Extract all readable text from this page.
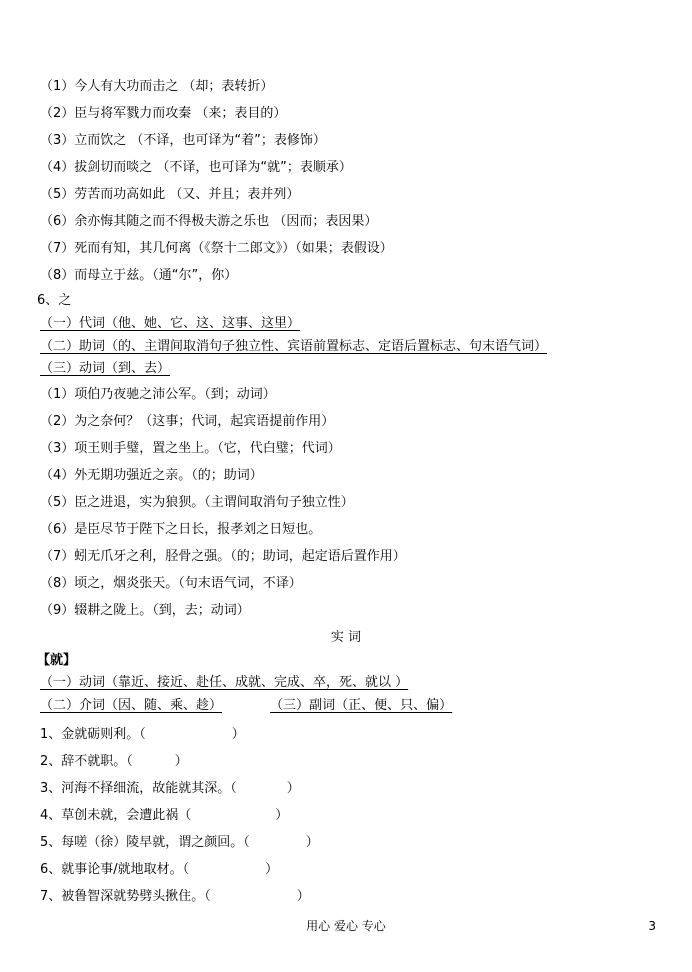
（1）今人有大功而击之 （却；表转折）
（2）臣与将军戮力而攻秦 （来；表目的）
（3）立而饮之 （不译，也可译为“着”；表修饰）
（4）拔剑切而啖之 （不译，也可译为“就”；表顺承）
（5）劳苦而功高如此 （又、并且；表并列）
（6）余亦悔其随之而不得极夫游之乐也 （因而；表因果）
（7）死而有知，其几何离（《祭十二郎文》）（如果；表假设）
（8）而母立于兹。（通“尔”，你）
6、之
（一）代词（他、她、它、这、这事、这里）
（二）助词（的、主谓间取消句子独立性、宾语前置标志、定语后置标志、句末语气词）
（三）动词（到、去）
（1）项伯乃夜驰之沛公军。（到；动词）
（2）为之奈何？（这事；代词，起宾语提前作用）
（3）项王则手璧，置之坐上。（它，代白璧；代词）
（4）外无期功强近之亲。（的；助词）
（5）臣之进退，实为狼狈。（主谓间取消句子独立性）
（6）是臣尽节于陛下之日长，报孝刘之日短也。
（7）蚓无爪牙之利，胫骨之强。（的；助词，起定语后置作用）
（8）顷之，烟炎张天。（句末语气词，不译）
（9）辍耕之陇上。（到，去；动词）
实 词
【就】
（一）动词（靠近、接近、赴任、成就、完成、卒，死、就以 ）
（二）介词（因、随、乘、趁）	（三）副词（正、便、只、偏）
1、金就砺则利。（	）
2、辞不就职。（	）
3、河海不择细流，故能就其深。（	）
4、草创未就，会遭此祸（	）
5、每嗟（徐）陵早就，谓之颜回。（	）
6、就事论事/就地取材。（	）
7、被鲁智深就势劈头揪住。（	）
用心 爱心 专心	3
